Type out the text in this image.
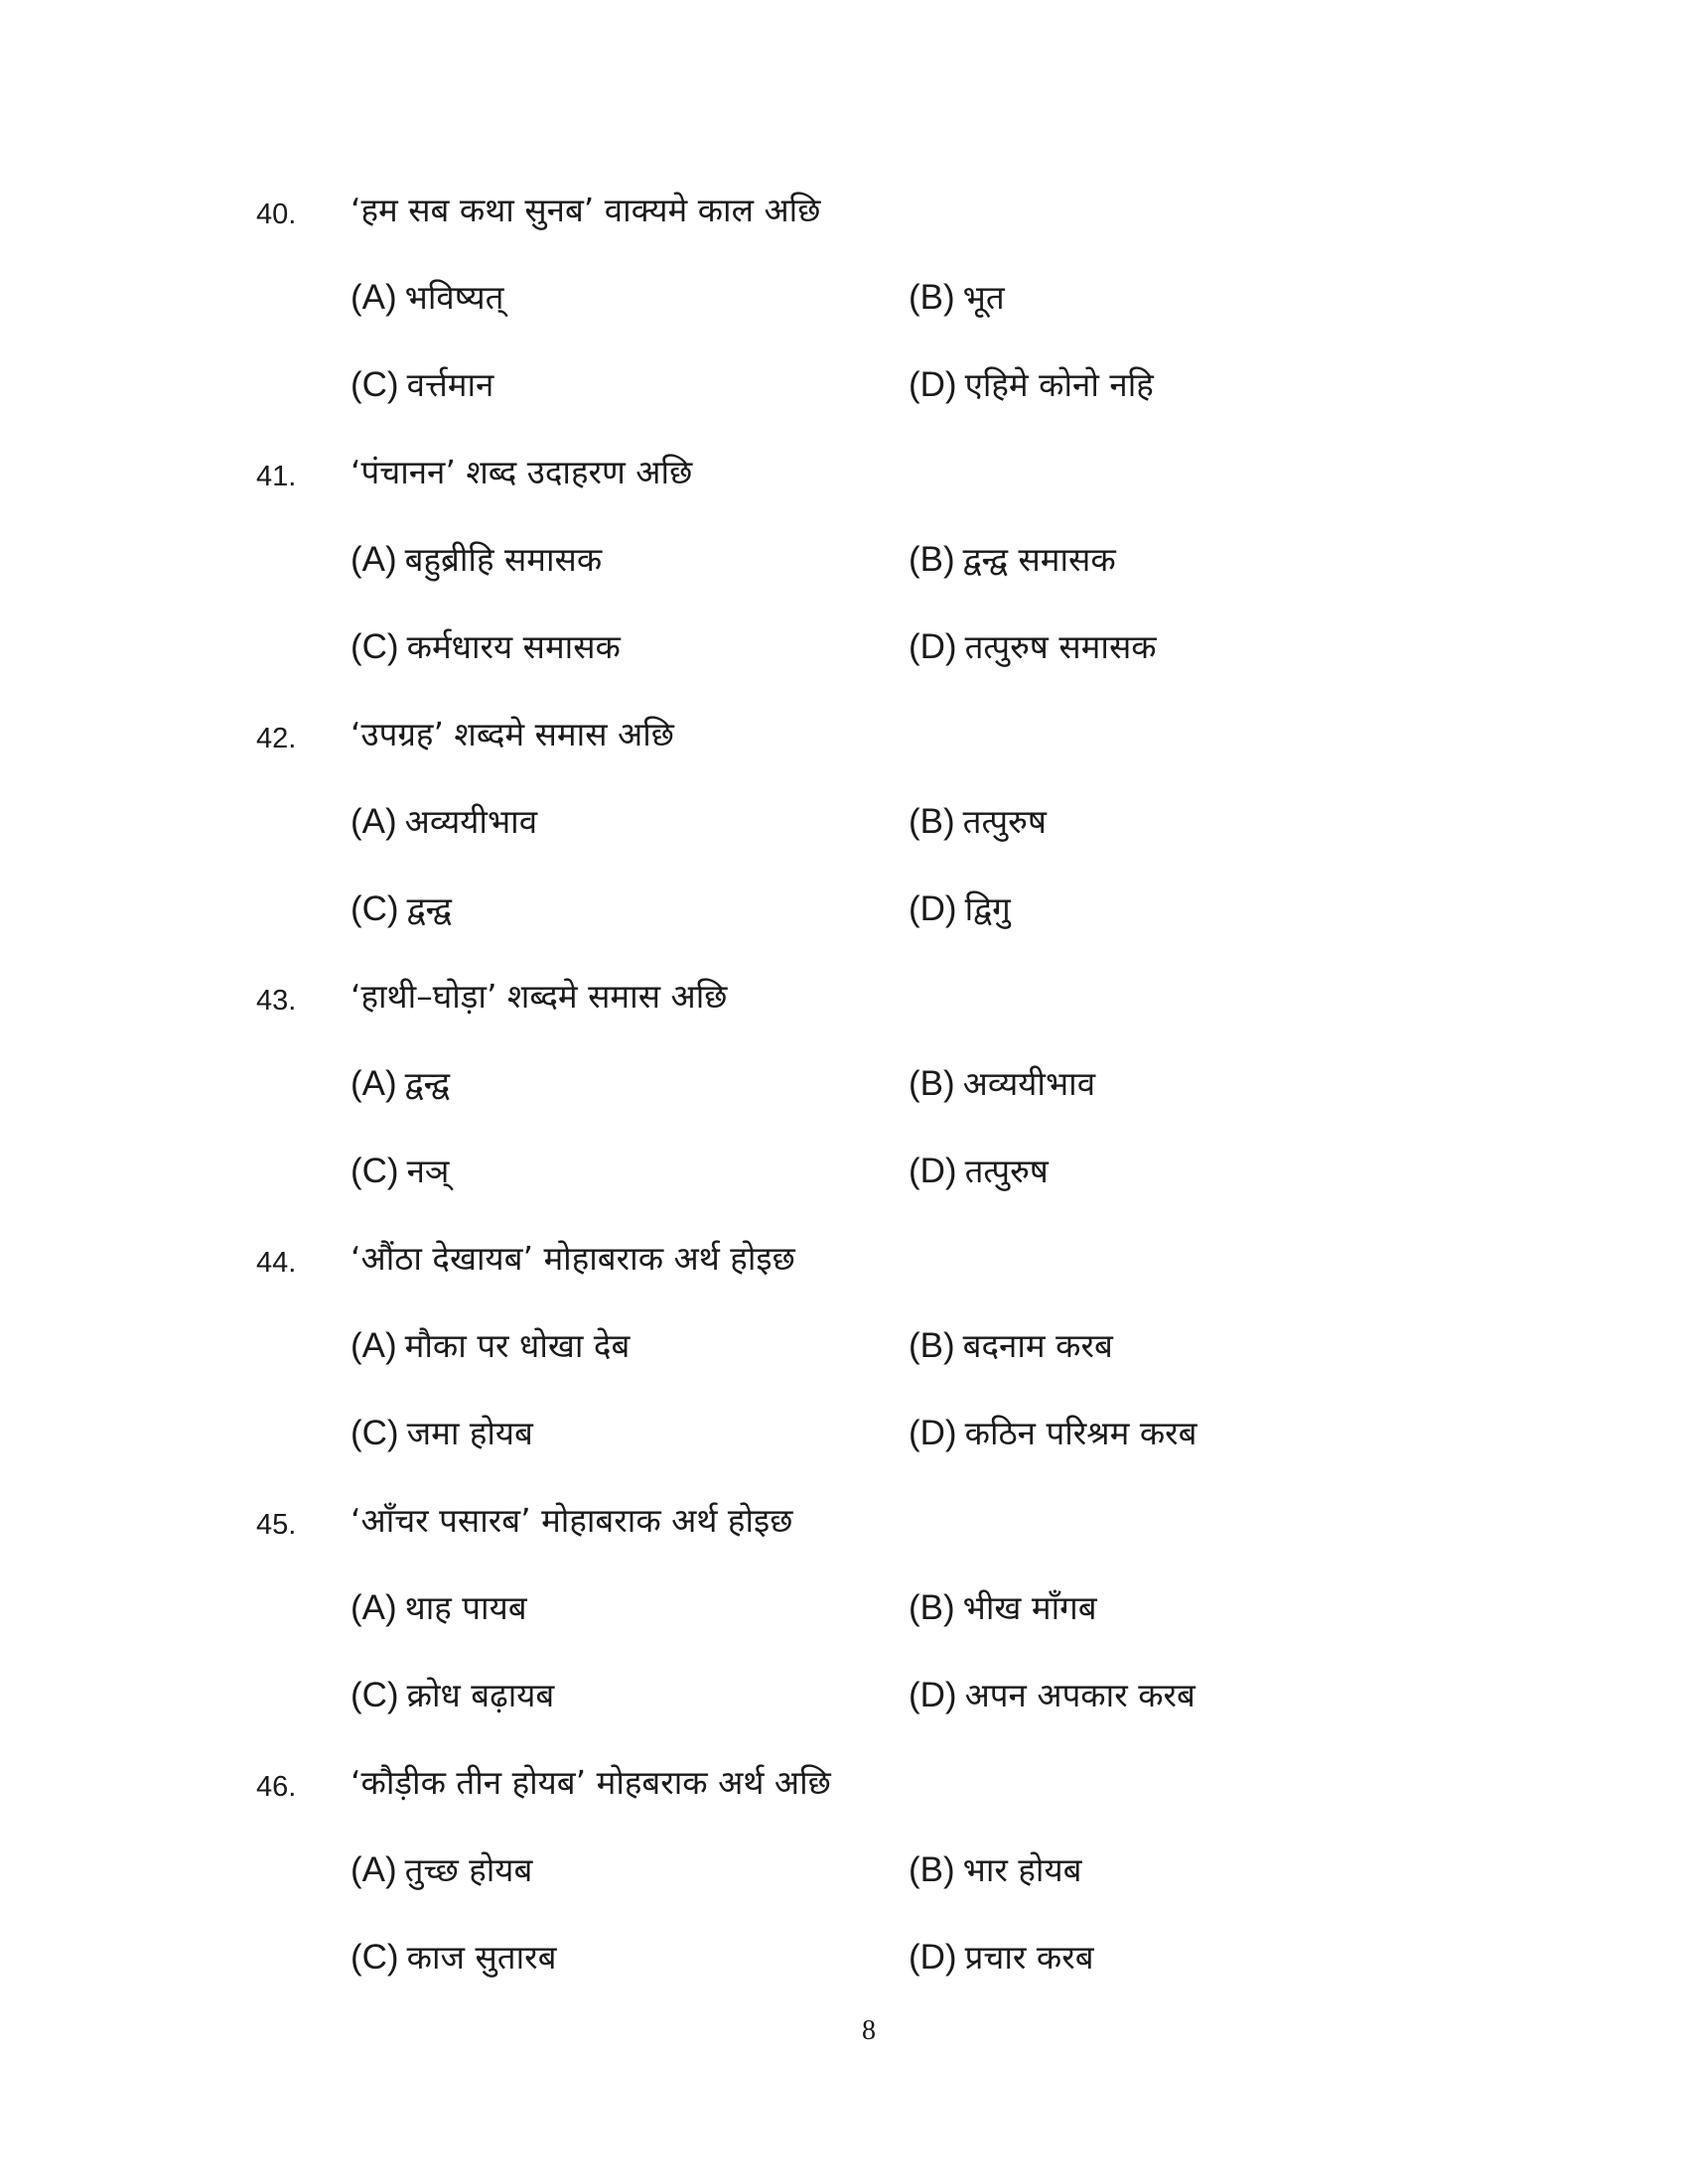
40. ‘हम सब कथा सुनब’ वाक्यमे काल अछि
(A) भविष्यत्	(B) भूत
(C) वर्त्तमान	(D) एहिमे कोनो नहि
41. ‘पंचानन’ शब्द उदाहरण अछि
(A) बहुब्रीहि समासक	(B) द्वन्द्व समासक
(C) कर्मधारय समासक	(D) तत्पुरुष समासक
42. ‘उपग्रह’ शब्दमे समास अछि
(A) अव्ययीभाव	(B) तत्पुरुष
(C) द्वन्द्व	(D) द्विगु
43. ‘हाथी–घोड़ा’ शब्दमे समास अछि
(A) द्वन्द्व	(B) अव्ययीभाव
(C) नञ्	(D) तत्पुरुष
44. ‘औंठा देखायब’ मोहाबराक अर्थ होइछ
(A) मौका पर धोखा देब	(B) बदनाम करब
(C) जमा होयब	(D) कठिन परिश्रम करब
45. ‘आँचर पसारब’ मोहाबराक अर्थ होइछ
(A) थाह पायब	(B) भीख माँगब
(C) क्रोध बढ़ायब	(D) अपन अपकार करब
46. ‘कौड़ीक तीन होयब’ मोहबराक अर्थ अछि
(A) तुच्छ होयब	(B) भार होयब
(C) काज सुतारब	(D) प्रचार करब
8
